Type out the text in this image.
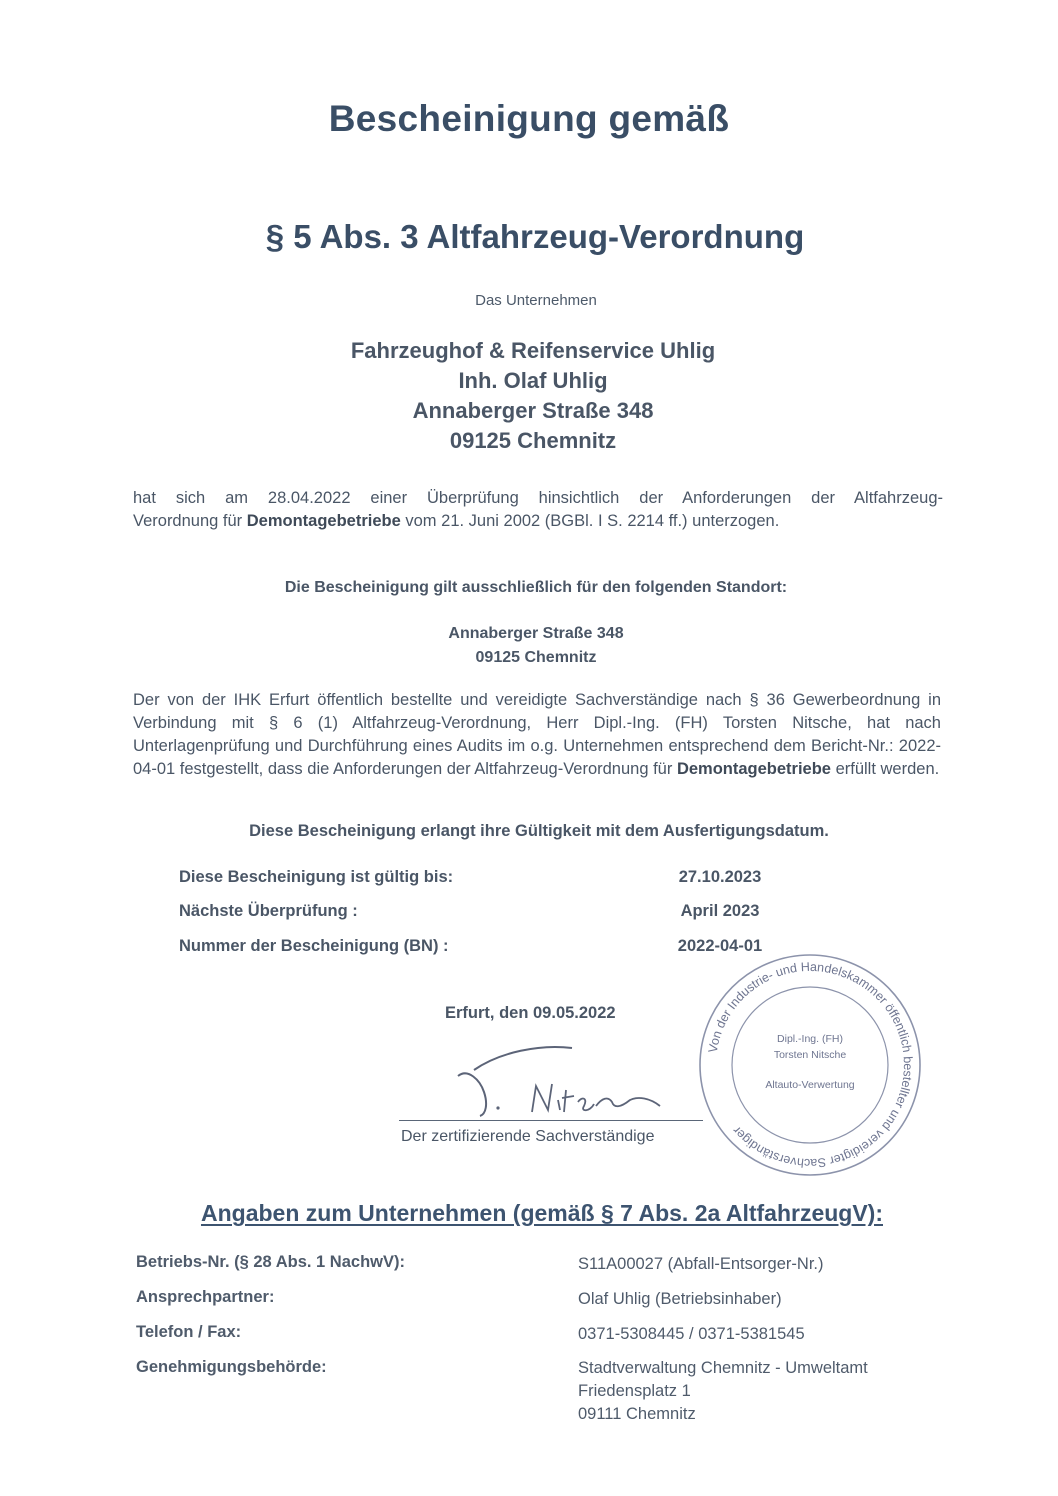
Bescheinigung gemäß
§ 5 Abs. 3 Altfahrzeug-Verordnung
Das Unternehmen
Fahrzeughof & Reifenservice Uhlig
Inh. Olaf Uhlig
Annaberger Straße 348
09125 Chemnitz
hat sich am 28.04.2022 einer Überprüfung hinsichtlich der Anforderungen der Altfahrzeug-
Verordnung für Demontagebetriebe vom 21. Juni 2002 (BGBl. I S. 2214 ff.) unterzogen.
Die Bescheinigung gilt ausschließlich für den folgenden Standort:
Annaberger Straße 348
09125 Chemnitz
Der von der IHK Erfurt öffentlich bestellte und vereidigte Sachverständige nach § 36 Gewerbeordnung in Verbindung mit § 6 (1) Altfahrzeug-Verordnung, Herr Dipl.-Ing. (FH) Torsten Nitsche, hat nach Unterlagenprüfung und Durchführung eines Audits im o.g. Unternehmen entsprechend dem Bericht-Nr.: 2022-04-01 festgestellt, dass die Anforderungen der Altfahrzeug-Verordnung für Demontagebetriebe erfüllt werden.
Diese Bescheinigung erlangt ihre Gültigkeit mit dem Ausfertigungsdatum.
Diese Bescheinigung ist gültig bis:	27.10.2023
Nächste Überprüfung :	April 2023
Nummer der Bescheinigung (BN) :	2022-04-01
Erfurt, den 09.05.2022
Der zertifizierende Sachverständige
Von der Industrie- und Handelskammer öffentlich bestellter und vereidigter Sachverständiger
Dipl.-Ing. (FH)
Torsten Nitsche
Altauto-Verwertung
Angaben zum Unternehmen (gemäß § 7 Abs. 2a AltfahrzeugV):
Betriebs-Nr. (§ 28 Abs. 1 NachwV):	S11A00027 (Abfall-Entsorger-Nr.)
Ansprechpartner:	Olaf Uhlig (Betriebsinhaber)
Telefon / Fax:	0371-5308445 / 0371-5381545
Genehmigungsbehörde:	Stadtverwaltung Chemnitz - Umweltamt
Friedensplatz 1
09111 Chemnitz
